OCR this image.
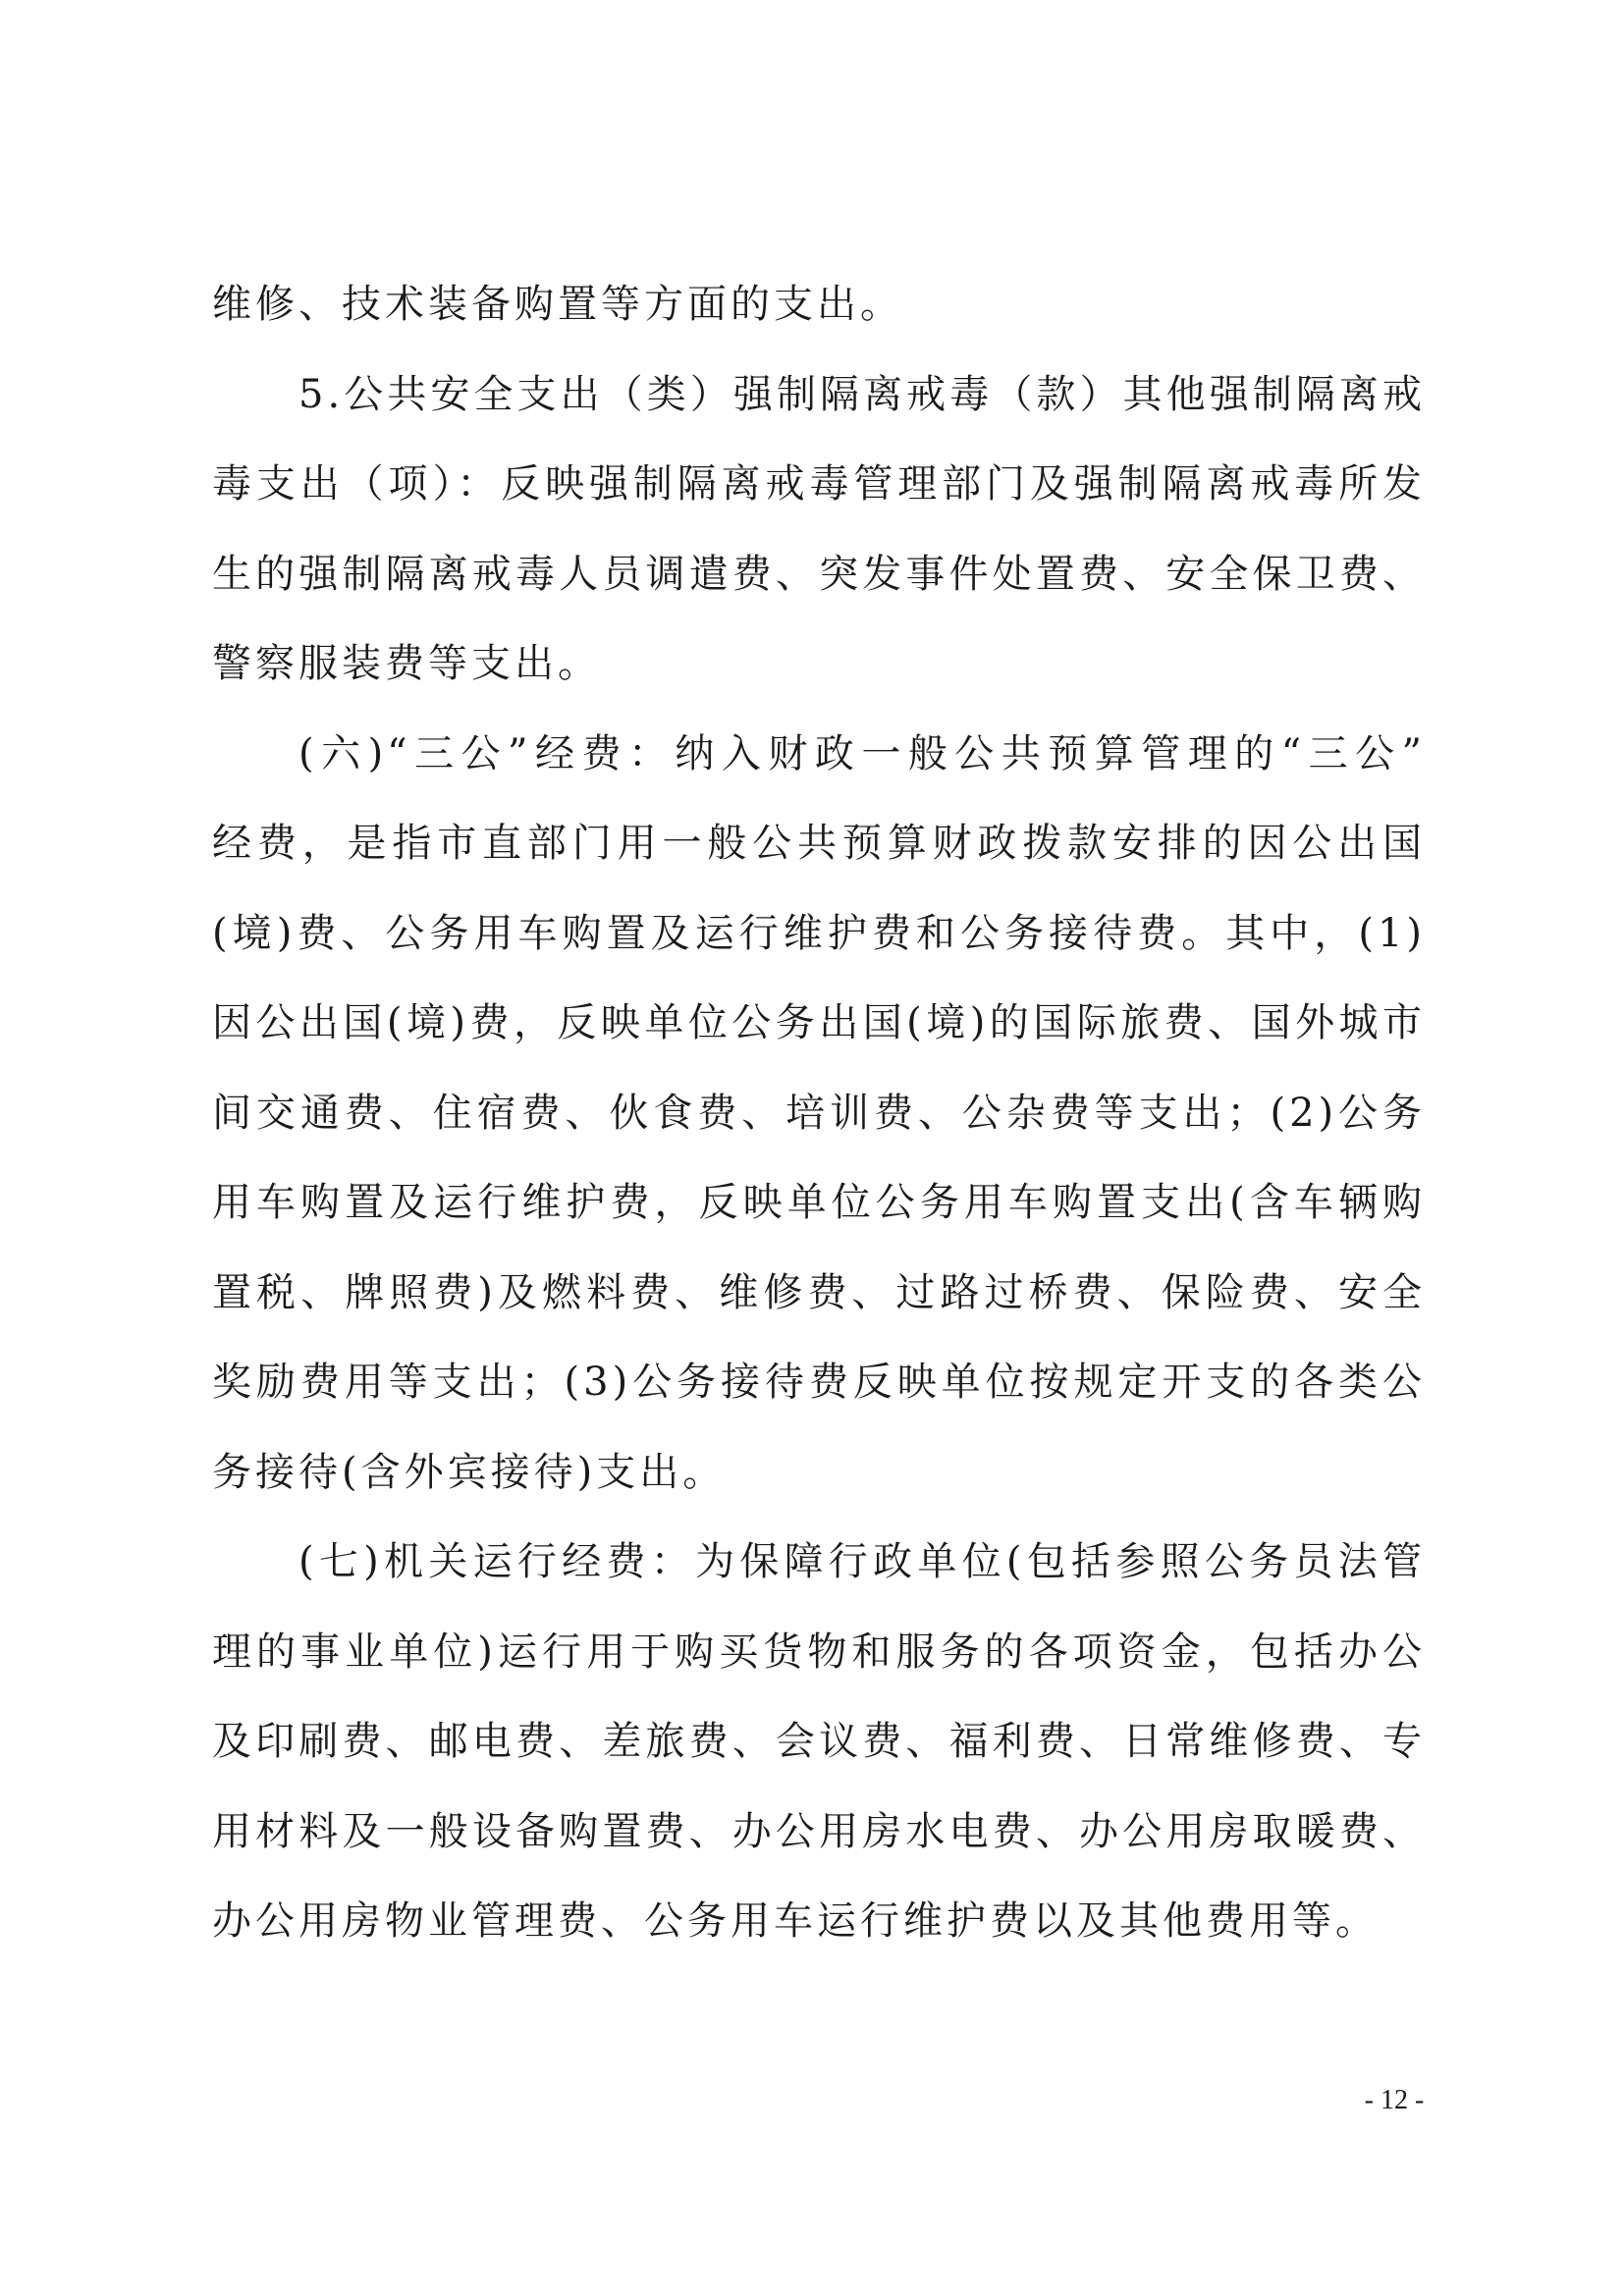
维修、技术装备购置等方面的支出。
5.公共安全支出（类）强制隔离戒毒（款）其他强制隔离戒
毒支出（项）：反映强制隔离戒毒管理部门及强制隔离戒毒所发
生的强制隔离戒毒人员调遣费、突发事件处置费、安全保卫费、
警察服装费等支出。
(六)“三公”经费：纳入财政一般公共预算管理的“三公”
经费，是指市直部门用一般公共预算财政拨款安排的因公出国
(境)费、公务用车购置及运行维护费和公务接待费。其中，(1)
因公出国(境)费，反映单位公务出国(境)的国际旅费、国外城市
间交通费、住宿费、伙食费、培训费、公杂费等支出；(2)公务
用车购置及运行维护费，反映单位公务用车购置支出(含车辆购
置税、牌照费)及燃料费、维修费、过路过桥费、保险费、安全
奖励费用等支出；(3)公务接待费反映单位按规定开支的各类公
务接待(含外宾接待)支出。
(七)机关运行经费：为保障行政单位(包括参照公务员法管
理的事业单位)运行用于购买货物和服务的各项资金，包括办公
及印刷费、邮电费、差旅费、会议费、福利费、日常维修费、专
用材料及一般设备购置费、办公用房水电费、办公用房取暖费、
办公用房物业管理费、公务用车运行维护费以及其他费用等。
- 12 -
